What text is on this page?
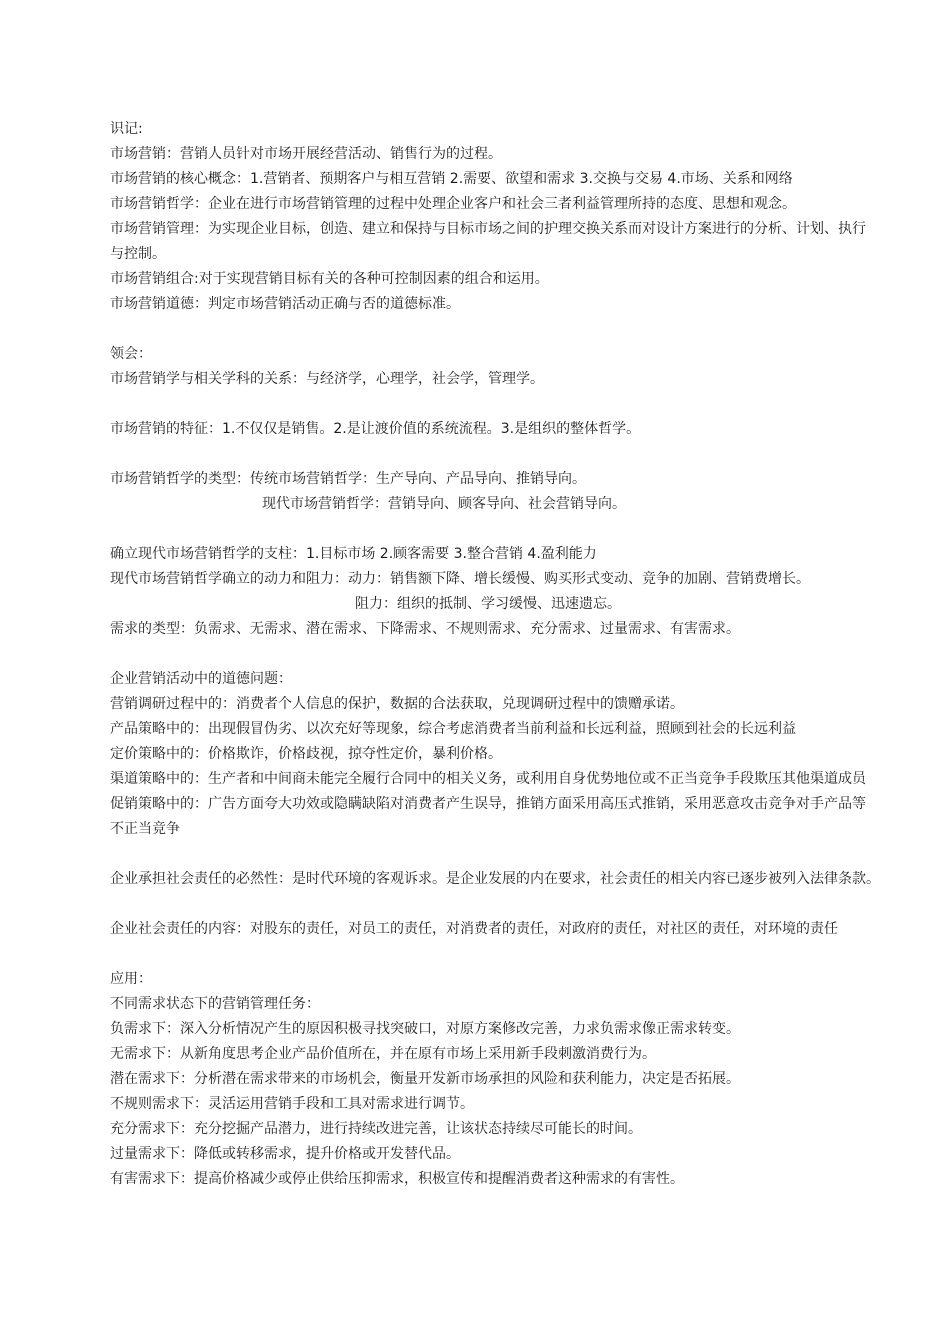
识记:
市场营销：营销人员针对市场开展经营活动、销售行为的过程。
市场营销的核心概念：1.营销者、预期客户与相互营销 2.需要、欲望和需求 3.交换与交易 4.市场、关系和网络
市场营销哲学：企业在进行市场营销管理的过程中处理企业客户和社会三者利益管理所持的态度、思想和观念。
市场营销管理：为实现企业目标，创造、建立和保持与目标市场之间的护理交换关系而对设计方案进行的分析、计划、执行
与控制。
市场营销组合:对于实现营销目标有关的各种可控制因素的组合和运用。
市场营销道德：判定市场营销活动正确与否的道德标准。
领会：
市场营销学与相关学科的关系：与经济学，心理学，社会学，管理学。
市场营销的特征：1.不仅仅是销售。2.是让渡价值的系统流程。3.是组织的整体哲学。
市场营销哲学的类型：传统市场营销哲学：生产导向、产品导向、推销导向。
现代市场营销哲学：营销导向、顾客导向、社会营销导向。
确立现代市场营销哲学的支柱：1.目标市场 2.顾客需要 3.整合营销 4.盈利能力
现代市场营销哲学确立的动力和阻力：动力：销售额下降、增长缓慢、购买形式变动、竞争的加剧、营销费增长。
阻力：组织的抵制、学习缓慢、迅速遗忘。
需求的类型：负需求、无需求、潜在需求、下降需求、不规则需求、充分需求、过量需求、有害需求。
企业营销活动中的道德问题：
营销调研过程中的：消费者个人信息的保护，数据的合法获取，兑现调研过程中的馈赠承诺。
产品策略中的：出现假冒伪劣、以次充好等现象，综合考虑消费者当前利益和长远利益，照顾到社会的长远利益
定价策略中的：价格欺诈，价格歧视，掠夺性定价，暴利价格。
渠道策略中的：生产者和中间商未能完全履行合同中的相关义务，或利用自身优势地位或不正当竞争手段欺压其他渠道成员
促销策略中的：广告方面夸大功效或隐瞒缺陷对消费者产生误导，推销方面采用高压式推销，采用恶意攻击竞争对手产品等
不正当竞争
企业承担社会责任的必然性：是时代环境的客观诉求。是企业发展的内在要求，社会责任的相关内容已逐步被列入法律条款。
企业社会责任的内容：对股东的责任，对员工的责任，对消费者的责任，对政府的责任，对社区的责任，对环境的责任
应用：
不同需求状态下的营销管理任务：
负需求下：深入分析情况产生的原因积极寻找突破口，对原方案修改完善，力求负需求像正需求转变。
无需求下：从新角度思考企业产品价值所在，并在原有市场上采用新手段刺激消费行为。
潜在需求下：分析潜在需求带来的市场机会，衡量开发新市场承担的风险和获利能力，决定是否拓展。
不规则需求下：灵活运用营销手段和工具对需求进行调节。
充分需求下：充分挖掘产品潜力，进行持续改进完善，让该状态持续尽可能长的时间。
过量需求下：降低或转移需求，提升价格或开发替代品。
有害需求下：提高价格减少或停止供给压抑需求，积极宣传和提醒消费者这种需求的有害性。
